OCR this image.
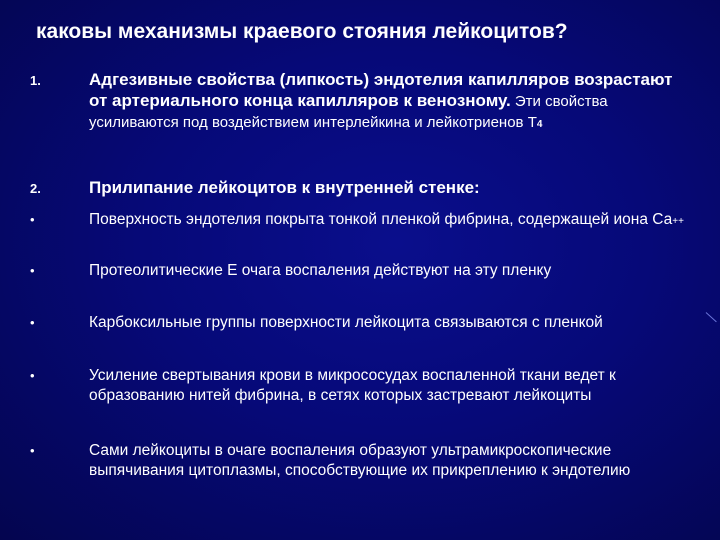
каковы механизмы краевого стояния лейкоцитов?
1.	Адгезивные свойства (липкость) эндотелия капилляров возрастают от артериального конца капилляров к венозному. Эти свойства усиливаются под воздействием интерлейкина и лейкотриенов Т4
2.	Прилипание лейкоцитов к внутренней стенке:
•	Поверхность эндотелия покрыта тонкой пленкой фибрина, содержащей иона Са++
•	Протеолитические Е очага воспаления действуют на эту пленку
•	Карбоксильные группы поверхности лейкоцита связываются с пленкой
•	Усиление свертывания крови в микрососудах воспаленной ткани ведет к образованию нитей фибрина, в сетях которых застревают лейкоциты
•	Сами лейкоциты в очаге воспаления образуют ультрамикроскопические выпячивания цитоплазмы, способствующие их прикреплению к эндотелию
